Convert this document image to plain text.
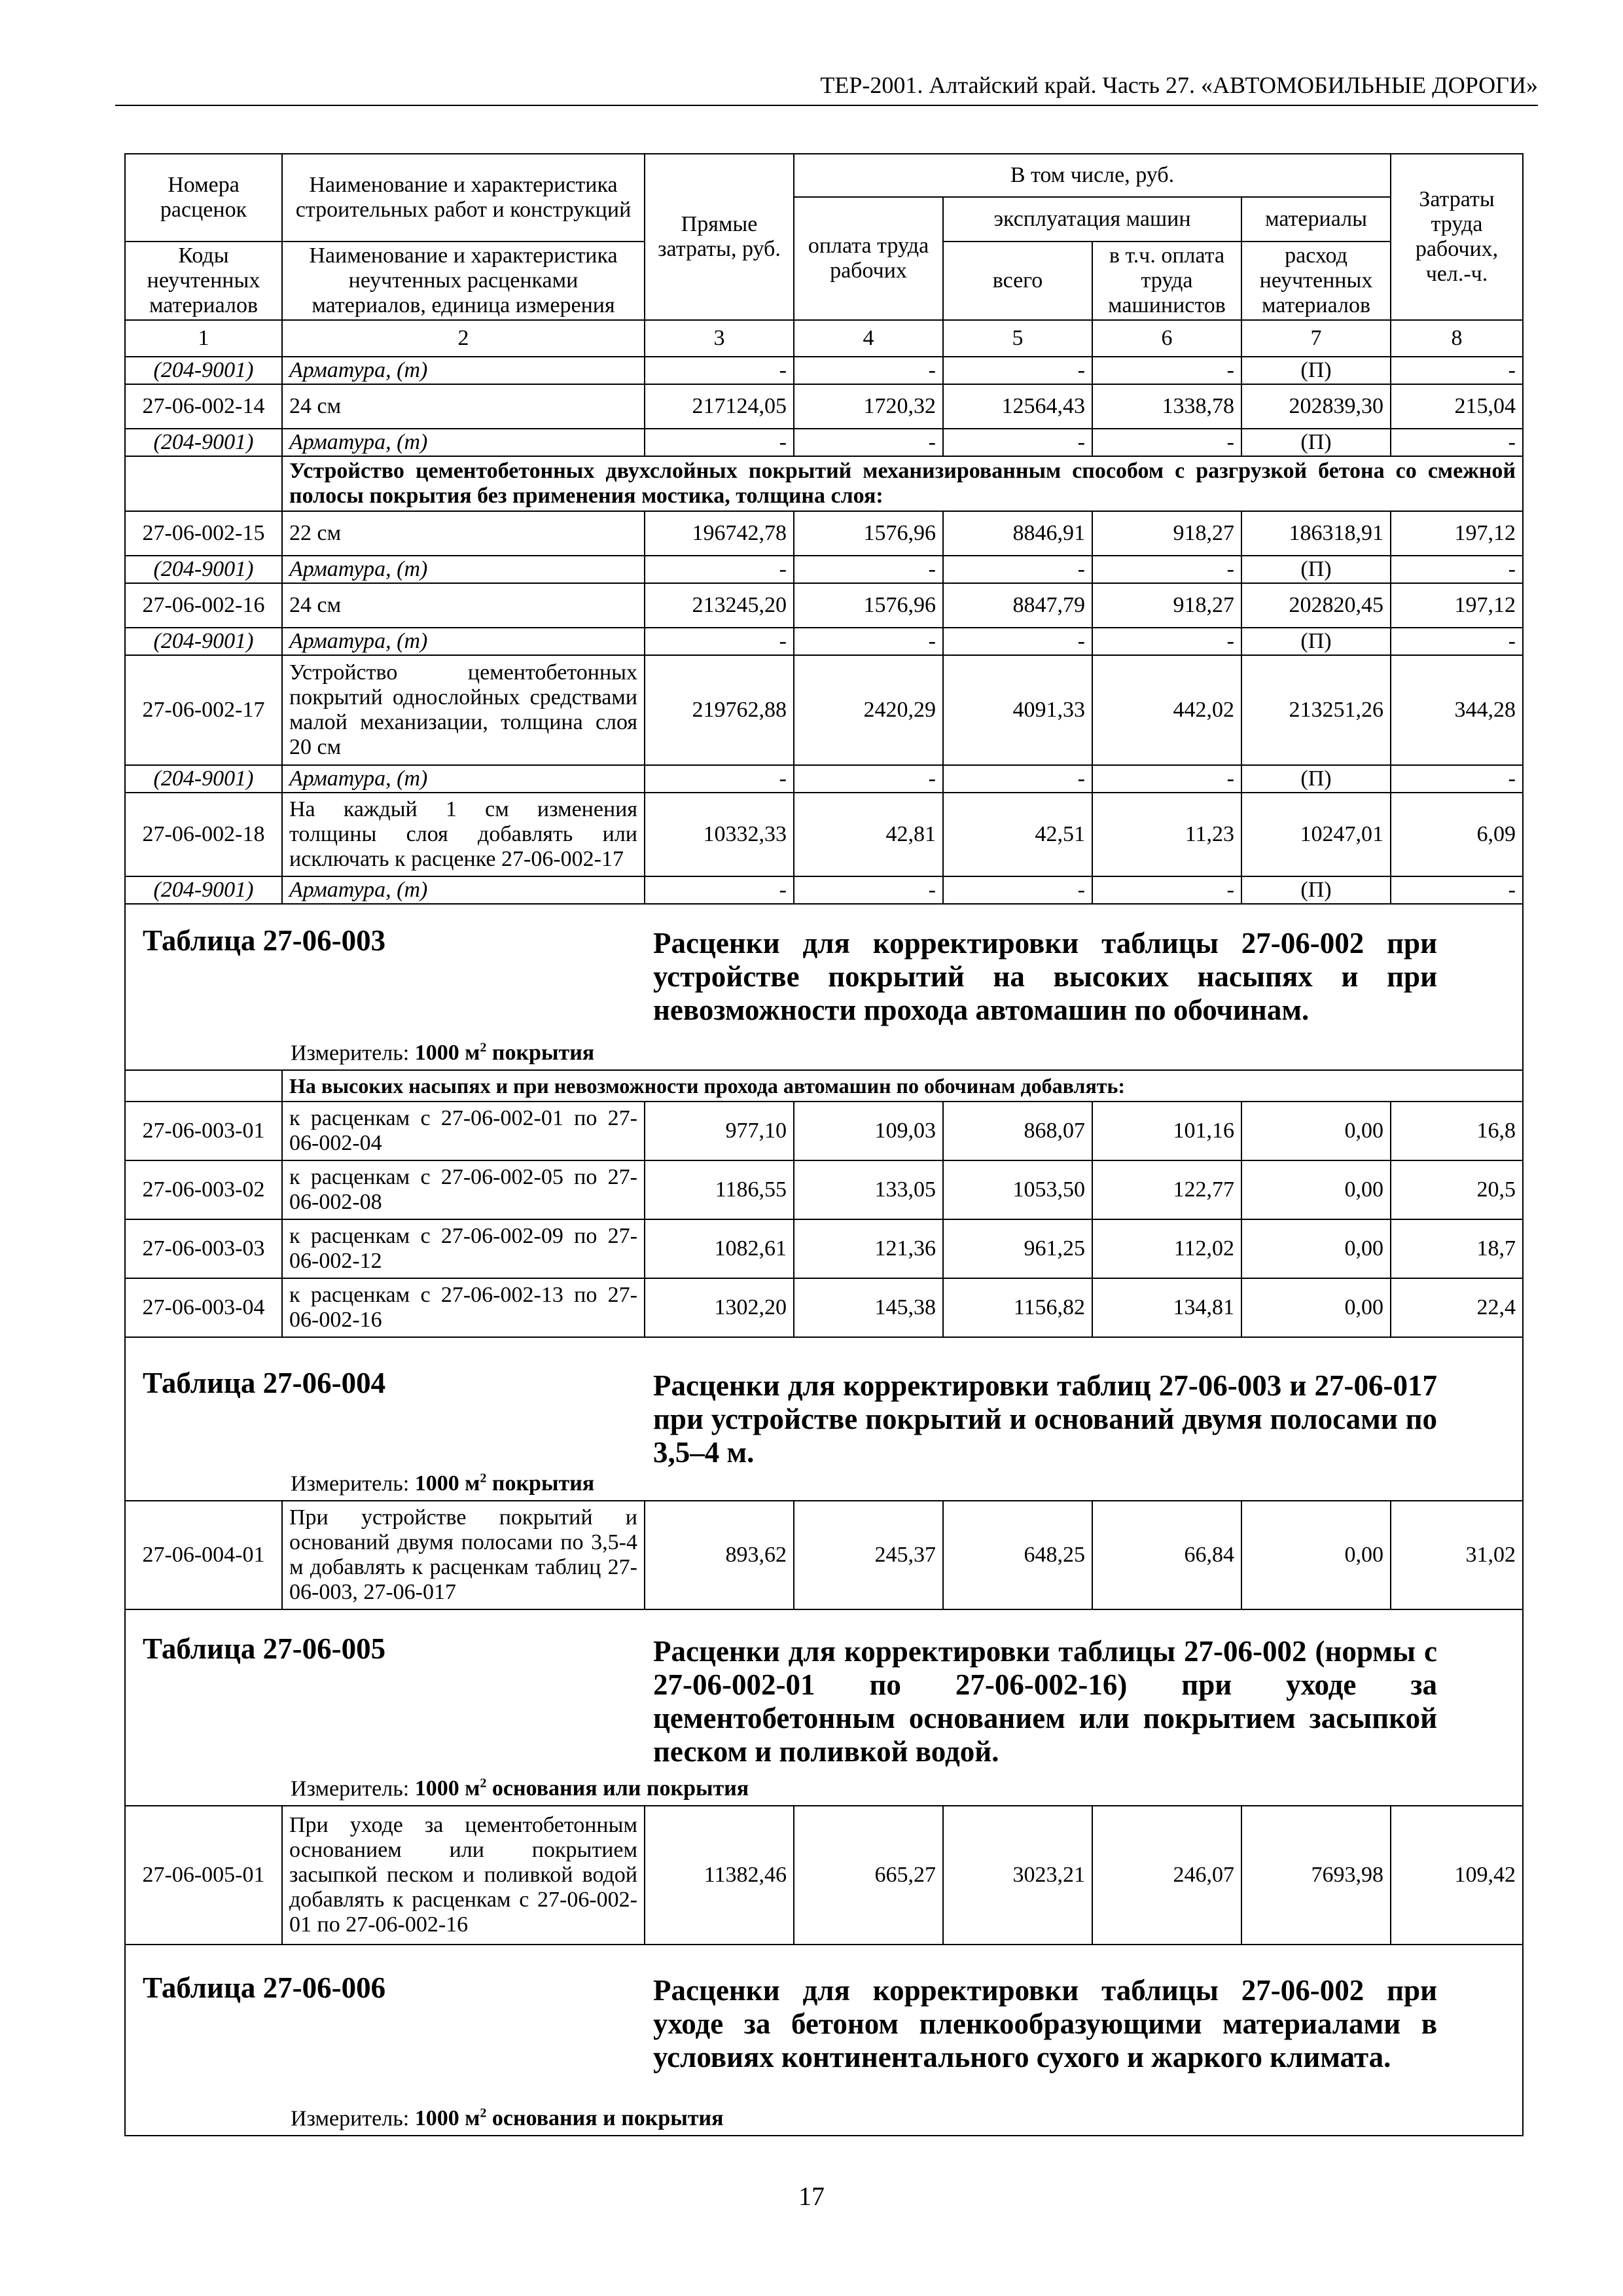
ТЕР-2001. Алтайский край. Часть 27. «АВТОМОБИЛЬНЫЕ ДОРОГИ»
Номера расценок	Наименование и характеристика строительных работ и конструкций	Прямые затраты, руб.	В том числе, руб.				Затраты труда рабочих, чел.-ч.
			оплата труда рабочих	эксплуатация машин		материалы	
Коды неучтенных материалов	Наименование и характеристика неучтенных расценками материалов, единица измерения			всего	в т.ч. оплата труда машинистов	расход неучтенных материалов	
1	2	3	4	5	6	7	8
(204-9001)	Арматура, (т)	-	-	-	-	(П)	-
27-06-002-14	24 см	217124,05	1720,32	12564,43	1338,78	202839,30	215,04
(204-9001)	Арматура, (т)	-	-	-	-	(П)	-
	Устройство цементобетонных двухслойных покрытий механизированным способом с разгрузкой бетона со смежной полосы покрытия без применения мостика, толщина слоя:						
27-06-002-15	22 см	196742,78	1576,96	8846,91	918,27	186318,91	197,12
(204-9001)	Арматура, (т)	-	-	-	-	(П)	-
27-06-002-16	24 см	213245,20	1576,96	8847,79	918,27	202820,45	197,12
(204-9001)	Арматура, (т)	-	-	-	-	(П)	-
27-06-002-17	Устройство цементобетонных покрытий однослойных средствами малой механизации, толщина слоя 20 см	219762,88	2420,29	4091,33	442,02	213251,26	344,28
(204-9001)	Арматура, (т)	-	-	-	-	(П)	-
27-06-002-18	На каждый 1 см изменения толщины слоя добавлять или исключать к расценке 27-06-002-17	10332,33	42,81	42,51	11,23	10247,01	6,09
(204-9001)	Арматура, (т)	-	-	-	-	(П)	-

Таблица 27-06-003 Расценки для корректировки таблицы 27-06-002 при устройстве покрытий на высоких насыпях и при невозможности прохода автомашин по обочинам.
Измеритель: 1000 $м^2$ покрытия							

	На высоких насыпях и при невозможности прохода автомашин по обочинам добавлять:						
27-06-003-01	к расценкам с 27-06-002-01 по 27-06-002-04	977,10	109,03	868,07	101,16	0,00	16,8
27-06-003-02	к расценкам с 27-06-002-05 по 27-06-002-08	1186,55	133,05	1053,50	122,77	0,00	20,5
27-06-003-03	к расценкам с 27-06-002-09 по 27-06-002-12	1082,61	121,36	961,25	112,02	0,00	18,7
27-06-003-04	к расценкам с 27-06-002-13 по 27-06-002-16	1302,20	145,38	1156,82	134,81	0,00	22,4

Таблица 27-06-004 Расценки для корректировки таблиц 27-06-003 и 27-06-017 при устройстве покрытий и оснований двумя полосами по 3,5–4 м.
Измеритель: 1000 $м^2$ покрытия							

27-06-004-01	При устройстве покрытий и оснований двумя полосами по 3,5-4 м добавлять к расценкам таблиц 27-06-003, 27-06-017	893,62	245,37	648,25	66,84	0,00	31,02

Таблица 27-06-005 Расценки для корректировки таблицы 27-06-002 (нормы с 27-06-002-01 по 27-06-002-16) при уходе за цементобетонным основанием или покрытием засыпкой песком и поливкой водой.
Измеритель: 1000 $м^2$ основания или покрытия							

27-06-005-01	При уходе за цементобетонным основанием или покрытием засыпкой песком и поливкой водой добавлять к расценкам с 27-06-002-01 по 27-06-002-16	11382,46	665,27	3023,21	246,07	7693,98	109,42

Таблица 27-06-006 Расценки для корректировки таблицы 27-06-002 при уходе за бетоном пленкообразующими материалами в условиях континентального сухого и жаркого климата.
Измеритель: 1000 $м^2$ основания и покрытия							
17
